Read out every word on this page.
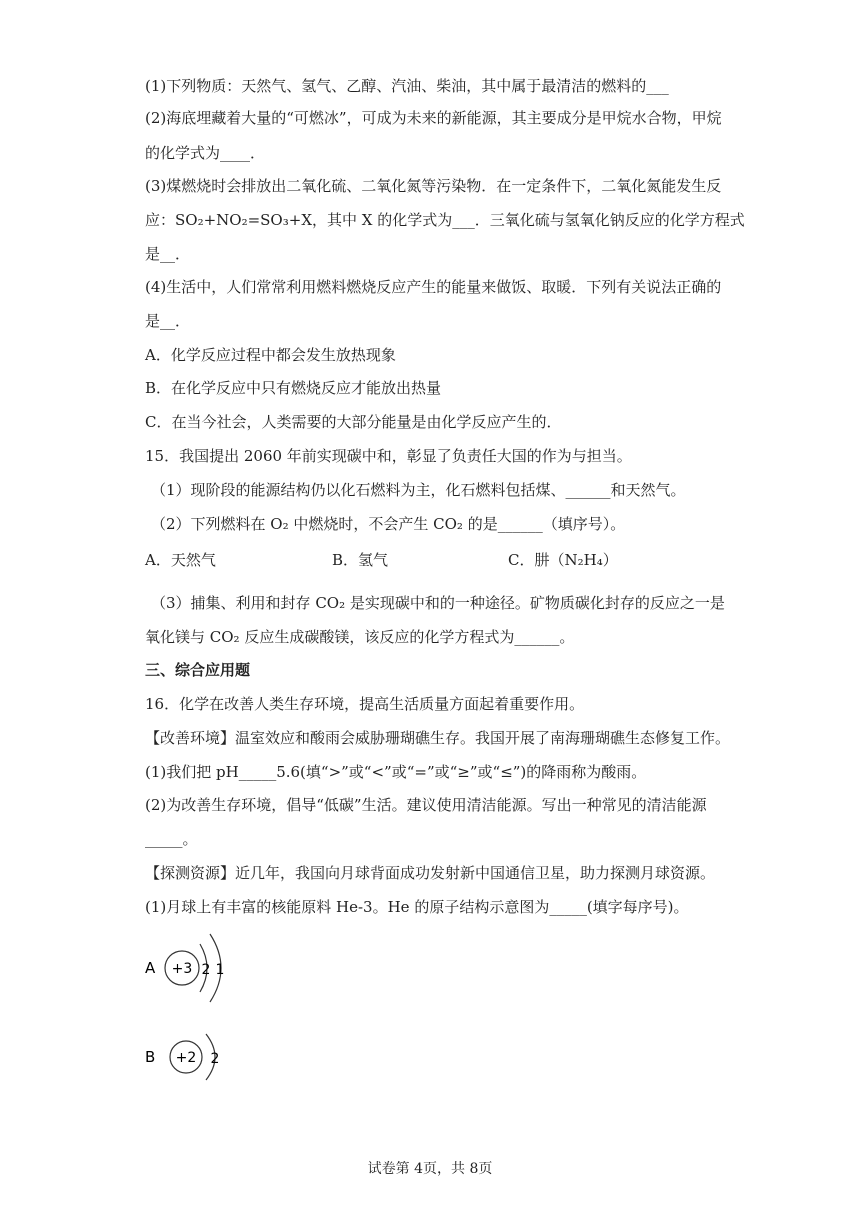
(1)下列物质：天然气、氢气、乙醇、汽油、柴油，其中属于最清洁的燃料的___
(2)海底埋藏着大量的“可燃冰”，可成为未来的新能源，其主要成分是甲烷水合物，甲烷
的化学式为____．
(3)煤燃烧时会排放出二氧化硫、二氧化氮等污染物．在一定条件下，二氧化氮能发生反
应：SO₂+NO₂=SO₃+X，其中 X 的化学式为___．三氧化硫与氢氧化钠反应的化学方程式
是__．
(4)生活中，人们常常利用燃料燃烧反应产生的能量来做饭、取暖．下列有关说法正确的
是__．
A．化学反应过程中都会发生放热现象
B．在化学反应中只有燃烧反应才能放出热量
C．在当今社会，人类需要的大部分能量是由化学反应产生的．
15．我国提出 2060 年前实现碳中和，彰显了负责任大国的作为与担当。
（1）现阶段的能源结构仍以化石燃料为主，化石燃料包括煤、______和天然气。
（2）下列燃料在 O₂ 中燃烧时，不会产生 CO₂ 的是______（填序号）。
A．天然气	B．氢气	C．肼（N₂H₄）
（3）捕集、利用和封存 CO₂ 是实现碳中和的一种途径。矿物质碳化封存的反应之一是
氧化镁与 CO₂ 反应生成碳酸镁，该反应的化学方程式为______。
三、综合应用题
16．化学在改善人类生存环境，提高生活质量方面起着重要作用。
【改善环境】温室效应和酸雨会威胁珊瑚礁生存。我国开展了南海珊瑚礁生态修复工作。
(1)我们把 pH_____5.6(填“>”或“<”或“=”或“≥”或“≤”)的降雨称为酸雨。
(2)为改善生存环境，倡导“低碳”生活。建议使用清洁能源。写出一种常见的清洁能源
_____。
【探测资源】近几年，我国向月球背面成功发射新中国通信卫星，助力探测月球资源。
(1)月球上有丰富的核能原料 He-3。He 的原子结构示意图为_____(填字每序号)。
A +3 2 1
B +2 2
试卷第 4页，共 8页
